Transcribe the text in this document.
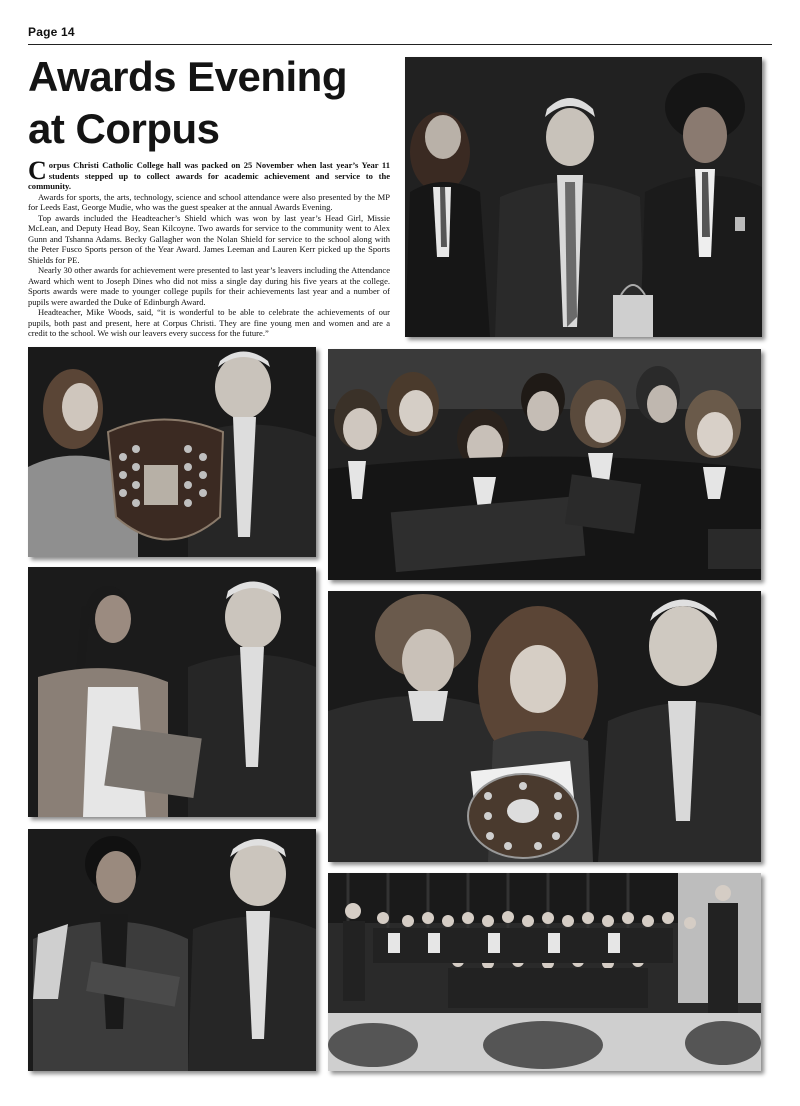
Page 14
Awards Evening
at Corpus

Corpus Christi Catholic College hall was packed on 25 November when last year’s Year 11 students stepped up to collect awards for academic achievement and service to the community.

Awards for sports, the arts, technology, science and school attendance were also presented by the MP for Leeds East, George Mudie, who was the guest speaker at the annual Awards Evening.

Top awards included the Headteacher’s Shield which was won by last year’s Head Girl, Missie McLean, and Deputy Head Boy, Sean Kilcoyne. Two awards for service to the community went to Alex Gunn and Tshanna Adams. Becky Gallagher won the Nolan Shield for service to the school along with the Peter Fusco Sports person of the Year Award. James Leeman and Lauren Kerr picked up the Sports Shields for PE.

Nearly 30 other awards for achievement were presented to last year’s leavers including the Attendance Award which went to Joseph Dines who did not miss a single day during his five years at the college. Sports awards were made to younger college pupils for their achievements last year and a number of pupils were awarded the Duke of Edinburgh Award.

Headteacher, Mike Woods, said, “it is wonderful to be able to celebrate the achievements of our pupils, both past and present, here at Corpus Christi. They are fine young men and women and are a credit to the school. We wish our leavers every success for the future.”
